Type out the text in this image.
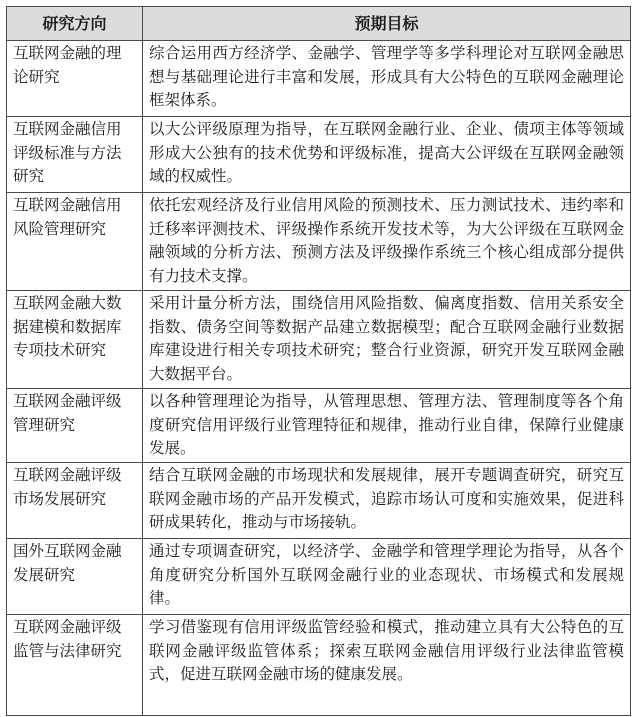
研究方向	预期目标
互联网金融的理论研究	综合运用西方经济学、金融学、管理学等多学科理论对互联网金融思想与基础理论进行丰富和发展，形成具有大公特色的互联网金融理论框架体系。
互联网金融信用评级标准与方法研究	以大公评级原理为指导，在互联网金融行业、企业、债项主体等领域形成大公独有的技术优势和评级标准，提高大公评级在互联网金融领域的权威性。
互联网金融信用风险管理研究	依托宏观经济及行业信用风险的预测技术、压力测试技术、违约率和迁移率评测技术、评级操作系统开发技术等，为大公评级在互联网金融领域的分析方法、预测方法及评级操作系统三个核心组成部分提供有力技术支撑。
互联网金融大数据建模和数据库专项技术研究	采用计量分析方法，围绕信用风险指数、偏离度指数、信用关系安全指数、债务空间等数据产品建立数据模型；配合互联网金融行业数据库建设进行相关专项技术研究；整合行业资源，研究开发互联网金融大数据平台。
互联网金融评级管理研究	以各种管理理论为指导，从管理思想、管理方法、管理制度等各个角度研究信用评级行业管理特征和规律，推动行业自律，保障行业健康发展。
互联网金融评级市场发展研究	结合互联网金融的市场现状和发展规律，展开专题调查研究，研究互联网金融市场的产品开发模式，追踪市场认可度和实施效果，促进科研成果转化，推动与市场接轨。
国外互联网金融发展研究	通过专项调查研究，以经济学、金融学和管理学理论为指导，从各个角度研究分析国外互联网金融行业的业态现状、市场模式和发展规律。
互联网金融评级监管与法律研究	学习借鉴现有信用评级监管经验和模式，推动建立具有大公特色的互联网金融评级监管体系；探索互联网金融信用评级行业法律监管模式，促进互联网金融市场的健康发展。
